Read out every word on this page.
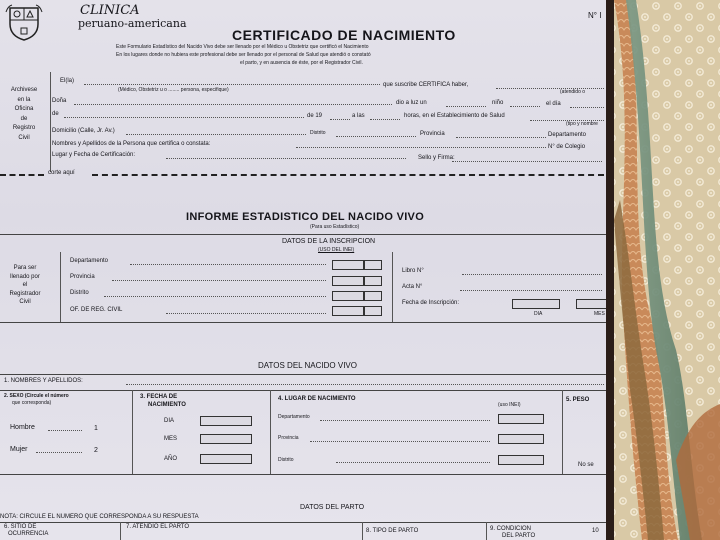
CLINICA
peruano-americana
N° I
CERTIFICADO DE NACIMIENTO
Este Formulario Estadístico del Nacido Vivo debe ser llenado por el Médico u Obstetriz que certificó el Nacimiento
En los lugares donde no hubiera este profesional debe ser llenado por el personal de Salud que atendió o constató
el parto, y en ausencia de éste, por el Registrador Civil.
Archivese
en la
Oficina
de
Registro
Civil
El(la)
que suscribe CERTIFICA haber,
(Médico, Obstetriz u o ........ persona, especifique)	(atendido o
Doña	dio a luz un	niño	el día
de	de 19	a las	horas, en el Establecimiento de Salud
(tipo y nombre
Domicilio (Calle, Jr. Av.)	Distrito	Provincia	Departamento
Nombres y Apellidos de la Persona que certifica o constata:	N° de Colegio
Lugar y Fecha de Certificación:	Sello y Firma:
corte aquí
INFORME ESTADISTICO DEL NACIDO VIVO
(Para uso Estadístico)
DATOS DE LA INSCRIPCION
(USO DEL INEI)
Para ser
llenado por
el
Registrador
Civil
Departamento
Provincia
Distrito
OF. DE REG. CIVIL
Libro N°
Acta N°
Fecha de Inscripción:
DIA	MES
DATOS DEL NACIDO VIVO
1. NOMBRES Y APELLIDOS:
2. SEXO (Circule el número
que corresponda)
Hombre	1
Mujer	2
3. FECHA DE
NACIMIENTO
DIA
MES
AÑO
4. LUGAR DE NACIMIENTO
(uso INEI)
Departamento
Provincia
Distrito
5. PESO
No se
DATOS DEL PARTO
NOTA: CIRCULE EL NUMERO QUE CORRESPONDA A SU RESPUESTA
6. SITIO DE
OCURRENCIA
7. ATENDIO EL PARTO
8. TIPO DE PARTO	9. CONDICION
DEL PARTO
10
